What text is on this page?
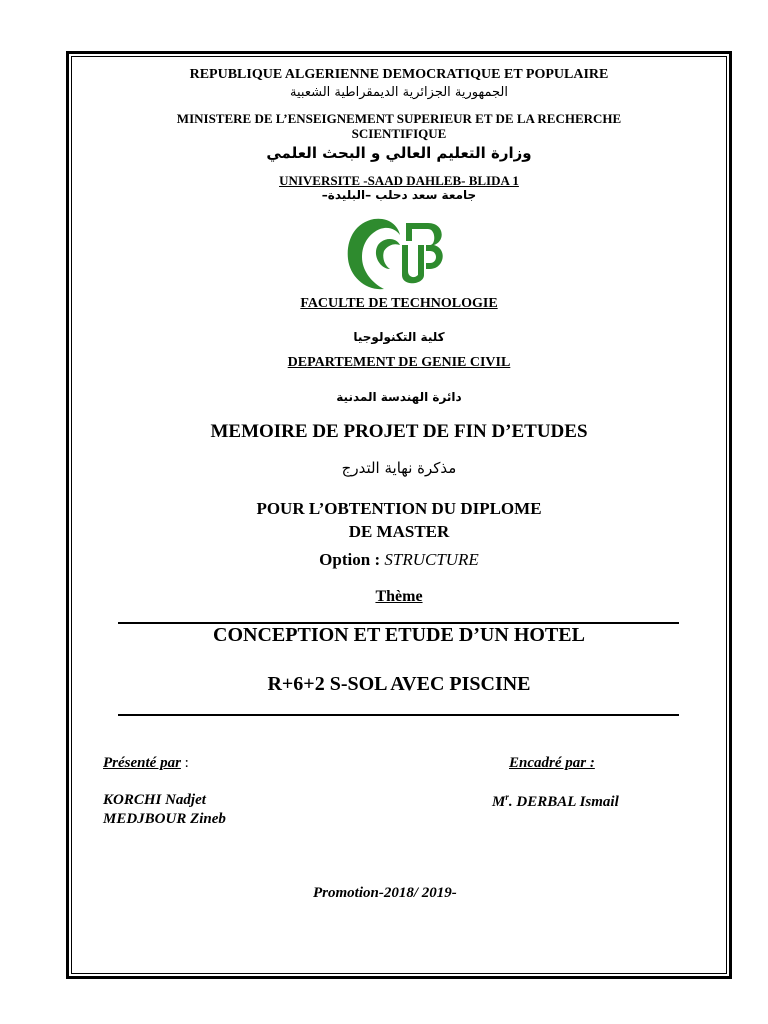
REPUBLIQUE ALGERIENNE DEMOCRATIQUE ET POPULAIRE
الجمهورية الجزائرية الديمقراطية الشعبية
MINISTERE DE L’ENSEIGNEMENT SUPERIEUR ET DE LA RECHERCHE
SCIENTIFIQUE
وزارة التعليم العالي و البحث العلمي
UNIVERSITE -SAAD DAHLEB- BLIDA 1
جامعة سعد دحلب –البليدة–
FACULTE DE TECHNOLOGIE
كلية التكنولوجيا
DEPARTEMENT DE GENIE CIVIL
دائرة الهندسة المدنية
MEMOIRE DE PROJET DE FIN D’ETUDES
مذكرة نهاية التدرج
POUR L’OBTENTION DU DIPLOME
DE MASTER
Option : STRUCTURE
Thème
CONCEPTION ET ETUDE D’UN HOTEL
R+6+2 S-SOL AVEC PISCINE
Présenté par :	Encadré par :
KORCHI Nadjet
MEDJBOUR Zineb
$M^r$. DERBAL Ismail
Promotion-2018/ 2019-
